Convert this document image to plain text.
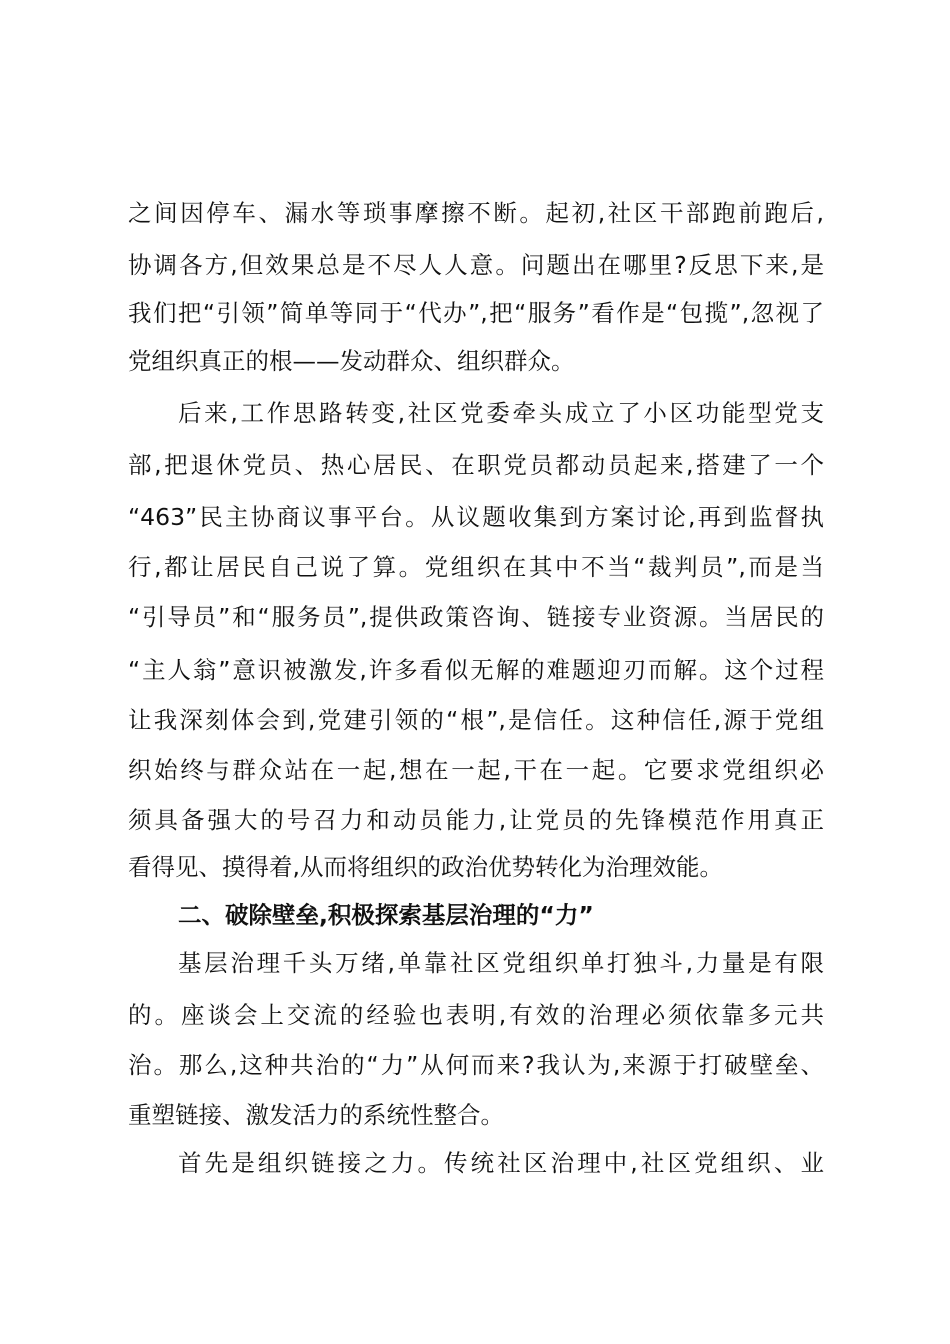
之间因停车、漏水等琐事摩擦不断。起初,社区干部跑前跑后,
协调各方,但效果总是不尽人人意。问题出在哪里?反思下来,是
我们把“引领”简单等同于“代办”,把“服务”看作是“包揽”,忽视了
党组织真正的根——发动群众、组织群众。
后来,工作思路转变,社区党委牵头成立了小区功能型党支
部,把退休党员、热心居民、在职党员都动员起来,搭建了一个
“463”民主协商议事平台。从议题收集到方案讨论,再到监督执
行,都让居民自己说了算。党组织在其中不当“裁判员”,而是当
“引导员”和“服务员”,提供政策咨询、链接专业资源。当居民的
“主人翁”意识被激发,许多看似无解的难题迎刃而解。这个过程
让我深刻体会到,党建引领的“根”,是信任。这种信任,源于党组
织始终与群众站在一起,想在一起,干在一起。它要求党组织必
须具备强大的号召力和动员能力,让党员的先锋模范作用真正
看得见、摸得着,从而将组织的政治优势转化为治理效能。
二、破除壁垒,积极探索基层治理的“力”
基层治理千头万绪,单靠社区党组织单打独斗,力量是有限
的。座谈会上交流的经验也表明,有效的治理必须依靠多元共
治。那么,这种共治的“力”从何而来?我认为,来源于打破壁垒、
重塑链接、激发活力的系统性整合。
首先是组织链接之力。传统社区治理中,社区党组织、业
